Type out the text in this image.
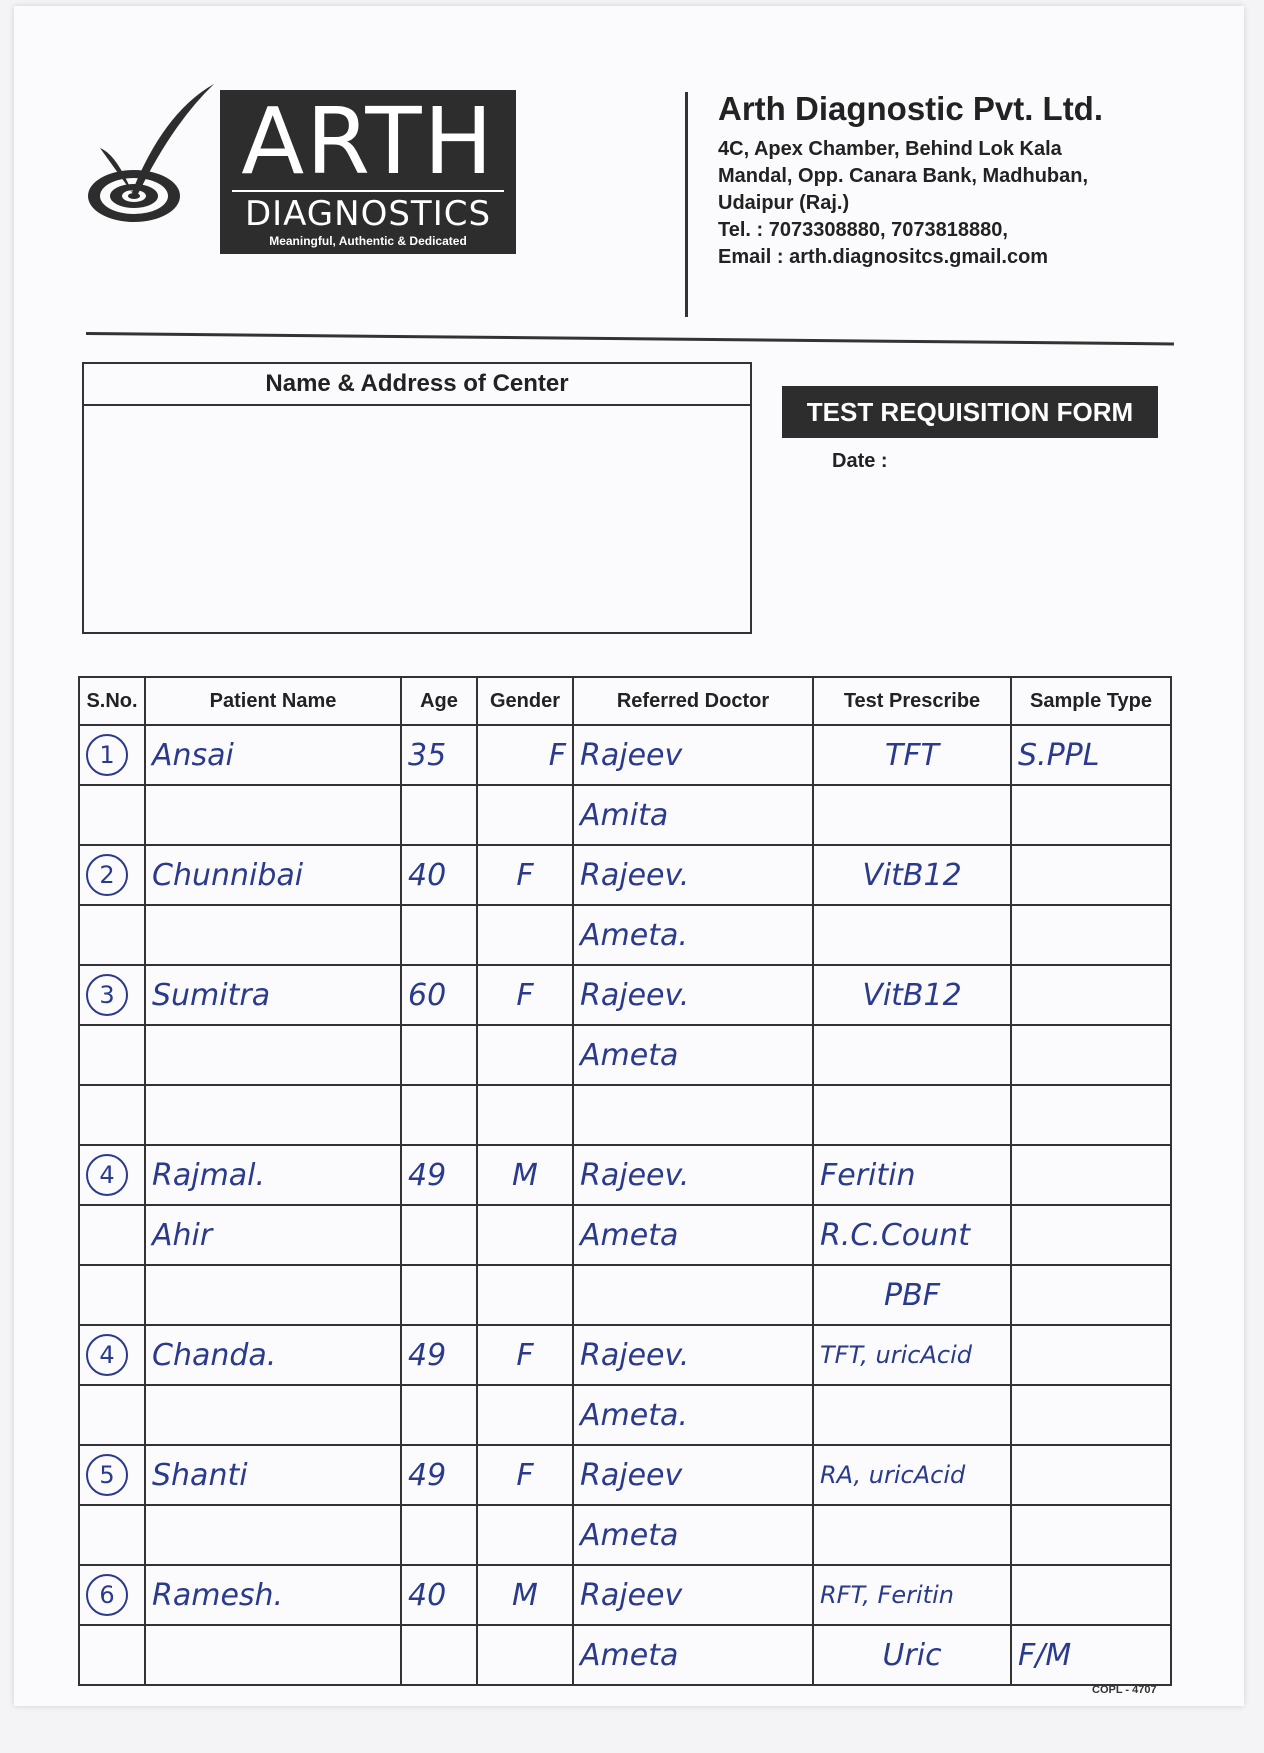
ARTH
DIAGNOSTICS
Meaningful, Authentic & Dedicated
Arth Diagnostic Pvt. Ltd.
4C, Apex Chamber, Behind Lok Kala
Mandal, Opp. Canara Bank, Madhuban,
Udaipur (Raj.)
Tel. : 7073308880, 7073818880,
Email : arth.diagnositcs.gmail.com
Name & Address of Center
TEST REQUISITION FORM
Date :
S.No.	Patient Name	Age	Gender	Referred Doctor	Test Prescribe	Sample Type
1	Ansai	35	F	Rajeev	TFT	S.PPL
				Amita		
2	Chunnibai	40	F	Rajeev.	VitB12	
				Ameta.		
3	Sumitra	60	F	Rajeev.	VitB12	
				Ameta		

4	Rajmal.	49	M	Rajeev.	Feritin	
	Ahir			Ameta	R.C.Count	
					PBF	
4	Chanda.	49	F	Rajeev.	TFT, uricAcid	
				Ameta.		
5	Shanti	49	F	Rajeev	RA, uricAcid	
				Ameta		
6	Ramesh.	40	M	Rajeev	RFT, Feritin	
				Ameta	Uric	F/M
COPL - 4707
